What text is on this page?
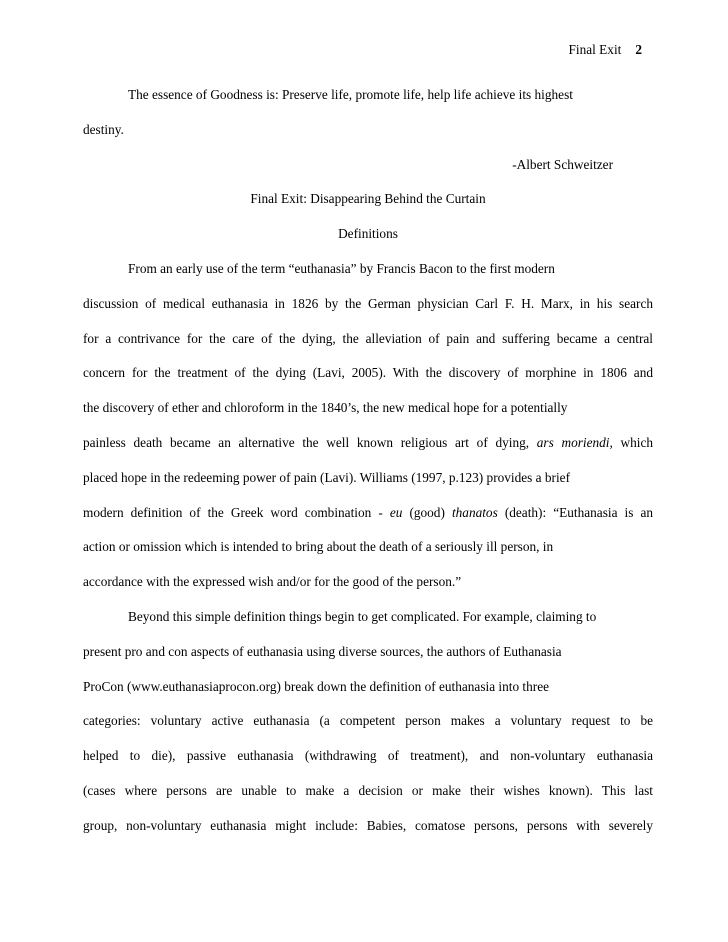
Final Exit 2
The essence of Goodness is: Preserve life, promote life, help life achieve its highest
destiny.
-Albert Schweitzer
Final Exit: Disappearing Behind the Curtain
Definitions
From an early use of the term “euthanasia” by Francis Bacon to the first modern
discussion of medical euthanasia in 1826 by the German physician Carl F. H. Marx, in his search
for a contrivance for the care of the dying, the alleviation of pain and suffering became a central
concern for the treatment of the dying (Lavi, 2005). With the discovery of morphine in 1806 and
the discovery of ether and chloroform in the 1840’s, the new medical hope for a potentially
painless death became an alternative the well known religious art of dying, ars moriendi, which
placed hope in the redeeming power of pain (Lavi). Williams (1997, p.123) provides a brief
modern definition of the Greek word combination - eu (good) thanatos (death): “Euthanasia is an
action or omission which is intended to bring about the death of a seriously ill person, in
accordance with the expressed wish and/or for the good of the person.”
Beyond this simple definition things begin to get complicated. For example, claiming to
present pro and con aspects of euthanasia using diverse sources, the authors of Euthanasia
ProCon (www.euthanasiaprocon.org) break down the definition of euthanasia into three
categories: voluntary active euthanasia (a competent person makes a voluntary request to be
helped to die), passive euthanasia (withdrawing of treatment), and non-voluntary euthanasia
(cases where persons are unable to make a decision or make their wishes known). This last
group, non-voluntary euthanasia might include: Babies, comatose persons, persons with severely
